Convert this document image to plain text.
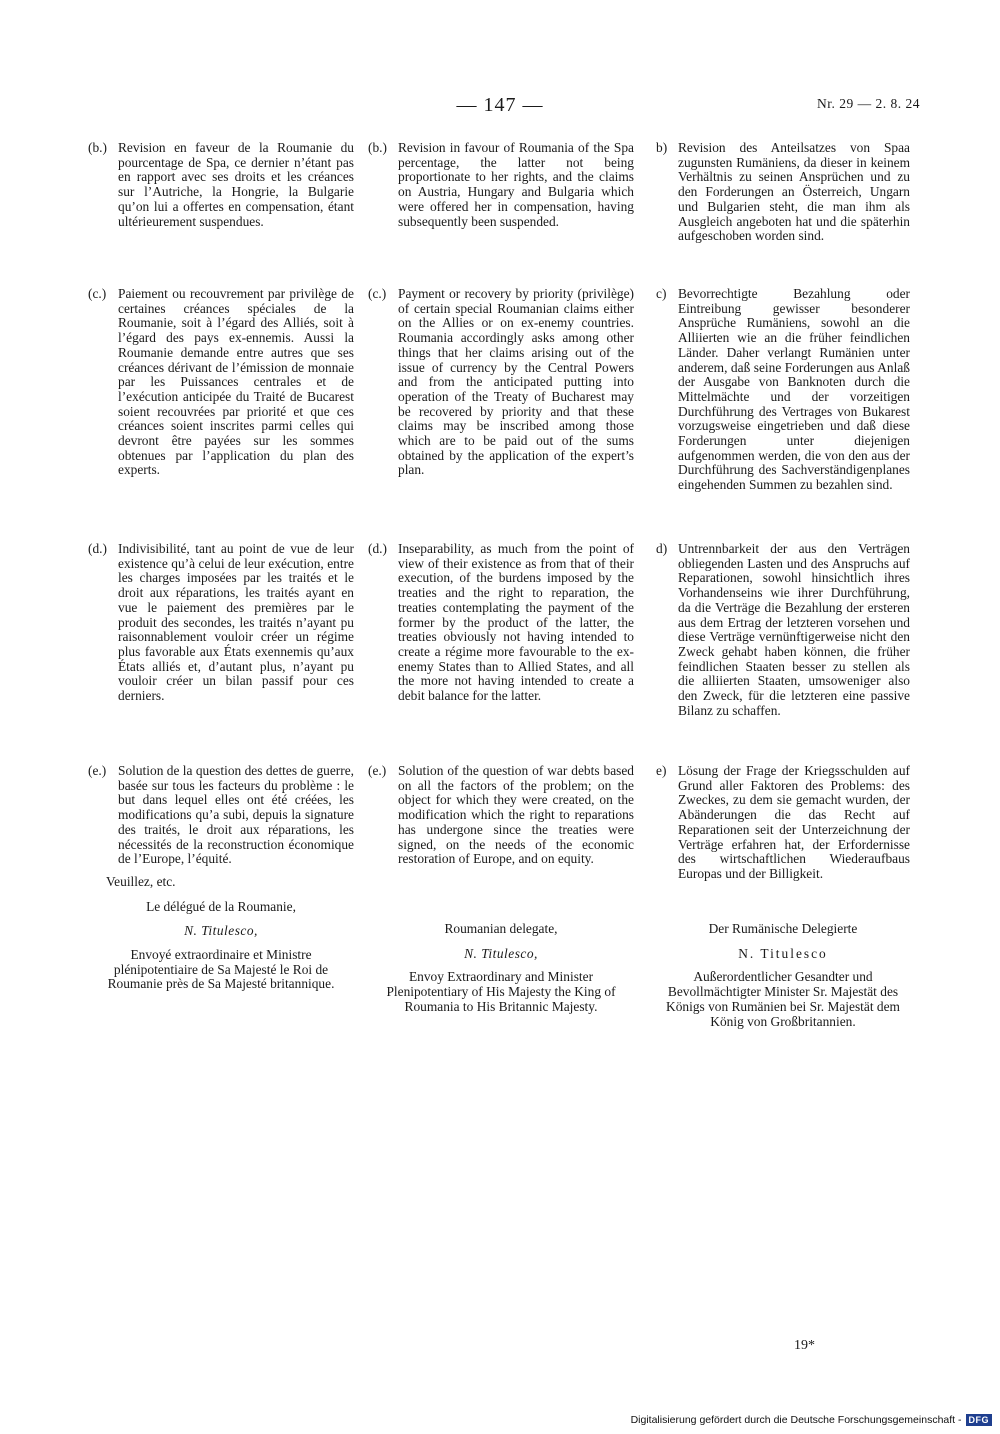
— 147 —	Nr. 29 — 2. 8. 24
(b.) Revision en faveur de la Roumanie du pourcentage de Spa, ce dernier n’étant pas en rapport avec ses droits et les créances sur l’Autriche, la Hongrie, la Bulgarie qu’on lui a offertes en compensation, étant ultérieurement suspendues.
(c.) Paiement ou recouvrement par privilège de certaines créances spéciales de la Roumanie, soit à l’égard des Alliés, soit à l’égard des pays ex-ennemis. Aussi la Roumanie demande entre autres que ses créances dérivant de l’émission de monnaie par les Puissances centrales et de l’exécution anticipée du Traité de Bucarest soient recouvrées par priorité et que ces créances soient inscrites parmi celles qui devront être payées sur les sommes obtenues par l’application du plan des experts.
(d.) Indivisibilité, tant au point de vue de leur existence qu’à celui de leur exécution, entre les charges imposées par les traités et le droit aux réparations, les traités ayant en vue le paiement des premières par le produit des secondes, les traités n’ayant pu raisonnablement vouloir créer un régime plus favorable aux États exennemis qu’aux États alliés et, d’autant plus, n’ayant pu vouloir créer un bilan passif pour ces derniers.
(e.) Solution de la question des dettes de guerre, basée sur tous les facteurs du problème : le but dans lequel elles ont été créées, les modifications qu’a subi, depuis la signature des traités, le droit aux réparations, les nécessités de la reconstruction économique de l’Europe, l’équité.
Veuillez, etc.
Le délégué de la Roumanie,
N. Titulesco,
Envoyé extraordinaire et Ministre plénipotentiaire de Sa Majesté le Roi de Roumanie près de Sa Majesté britannique.
(b.) Revision in favour of Roumania of the Spa percentage, the latter not being proportionate to her rights, and the claims on Austria, Hungary and Bulgaria which were offered her in compensation, having subsequently been suspended.
(c.) Payment or recovery by priority (privilège) of certain special Roumanian claims either on the Allies or on ex-enemy countries. Roumania accordingly asks among other things that her claims arising out of the issue of currency by the Central Powers and from the anticipated putting into operation of the Treaty of Bucharest may be recovered by priority and that these claims may be inscribed among those which are to be paid out of the sums obtained by the application of the expert’s plan.
(d.) Inseparability, as much from the point of view of their existence as from that of their execution, of the burdens imposed by the treaties and the right to reparation, the treaties contemplating the payment of the former by the product of the latter, the treaties obviously not having intended to create a régime more favourable to the ex-enemy States than to Allied States, and all the more not having intended to create a debit balance for the latter.
(e.) Solution of the question of war debts based on all the factors of the problem; on the object for which they were created, on the modification which the right to reparations has undergone since the treaties were signed, on the needs of the economic restoration of Europe, and on equity.
Roumanian delegate,
N. Titulesco,
Envoy Extraordinary and Minister Plenipotentiary of His Majesty the King of Roumania to His Britannic Majesty.
b) Revision des Anteilsatzes von Spaa zugunsten Rumäniens, da dieser in keinem Verhältnis zu seinen Ansprüchen und zu den Forderungen an Österreich, Ungarn und Bulgarien steht, die man ihm als Ausgleich angeboten hat und die späterhin aufgeschoben worden sind.
c) Bevorrechtigte Bezahlung oder Eintreibung gewisser besonderer Ansprüche Rumäniens, sowohl an die Alliierten wie an die früher feindlichen Länder. Daher verlangt Rumänien unter anderem, daß seine Forderungen aus Anlaß der Ausgabe von Banknoten durch die Mittelmächte und der vorzeitigen Durchführung des Vertrages von Bukarest vorzugsweise eingetrieben und daß diese Forderungen unter diejenigen aufgenommen werden, die von den aus der Durchführung des Sachverständigenplanes eingehenden Summen zu bezahlen sind.
d) Untrennbarkeit der aus den Verträgen obliegenden Lasten und des Anspruchs auf Reparationen, sowohl hinsichtlich ihres Vorhandenseins wie ihrer Durchführung, da die Verträge die Bezahlung der ersteren aus dem Ertrag der letzteren vorsehen und diese Verträge vernünftigerweise nicht den Zweck gehabt haben können, die früher feindlichen Staaten besser zu stellen als die alliierten Staaten, umsoweniger also den Zweck, für die letzteren eine passive Bilanz zu schaffen.
e) Lösung der Frage der Kriegsschulden auf Grund aller Faktoren des Problems: des Zweckes, zu dem sie gemacht wurden, der Abänderungen die das Recht auf Reparationen seit der Unterzeichnung der Verträge erfahren hat, der Erfordernisse des wirtschaftlichen Wiederaufbaus Europas und der Billigkeit.
Der Rumänische Delegierte
N. Titulesco
Außerordentlicher Gesandter und Bevollmächtigter Minister Sr. Majestät des Königs von Rumänien bei Sr. Majestät dem König von Großbritannien.
19*
Digitalisierung gefördert durch die Deutsche Forschungsgemeinschaft - DFG
